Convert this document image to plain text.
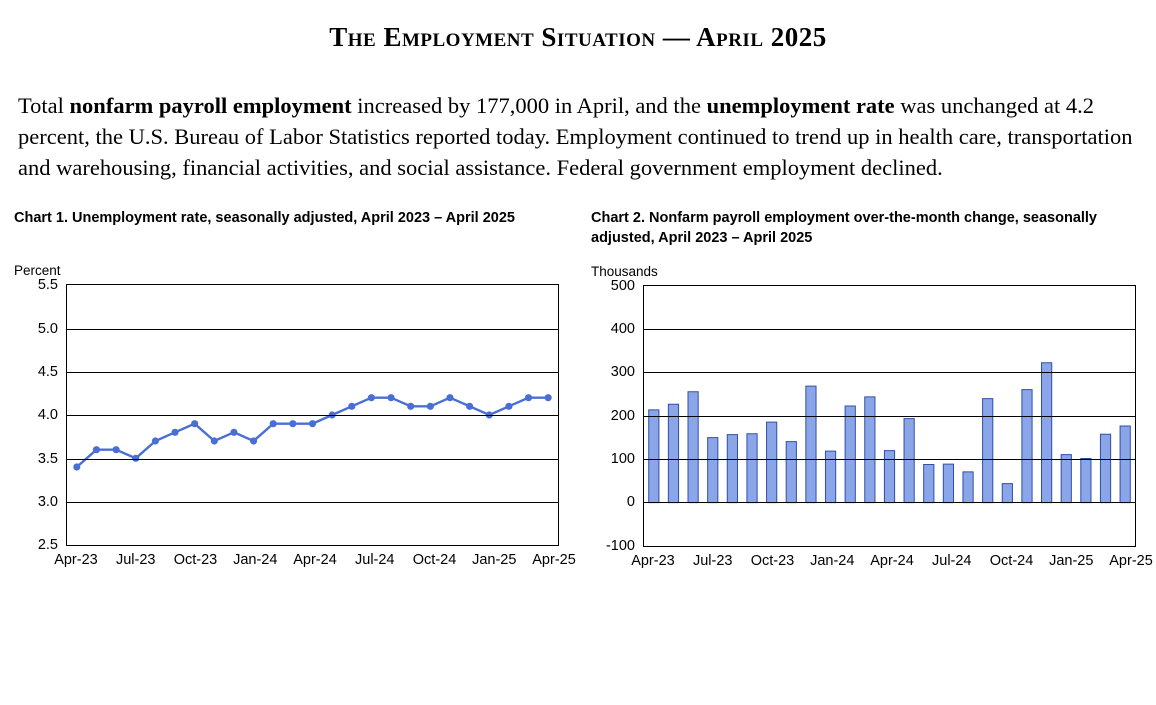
The Employment Situation — April 2025

Total nonfarm payroll employment increased by 177,000 in April, and the unemployment rate was unchanged at 4.2 percent, the U.S. Bureau of Labor Statistics reported today. Employment continued to trend up in health care, transportation and warehousing, financial activities, and social assistance. Federal government employment declined.

Chart 1. Unemployment rate, seasonally adjusted, April 2023 – April 2025
Percent
2.5
3.0
3.5
4.0
4.5
5.0
5.5
Apr-23 Jul-23 Oct-23 Jan-24 Apr-24 Jul-24 Oct-24 Jan-25 Apr-25
Chart 2. Nonfarm payroll employment over-the-month change, seasonally adjusted, April 2023 – April 2025
Thousands
-100
0
100
200
300
400
500
Apr-23 Jul-23 Oct-23 Jan-24 Apr-24 Jul-24 Oct-24 Jan-25 Apr-25
